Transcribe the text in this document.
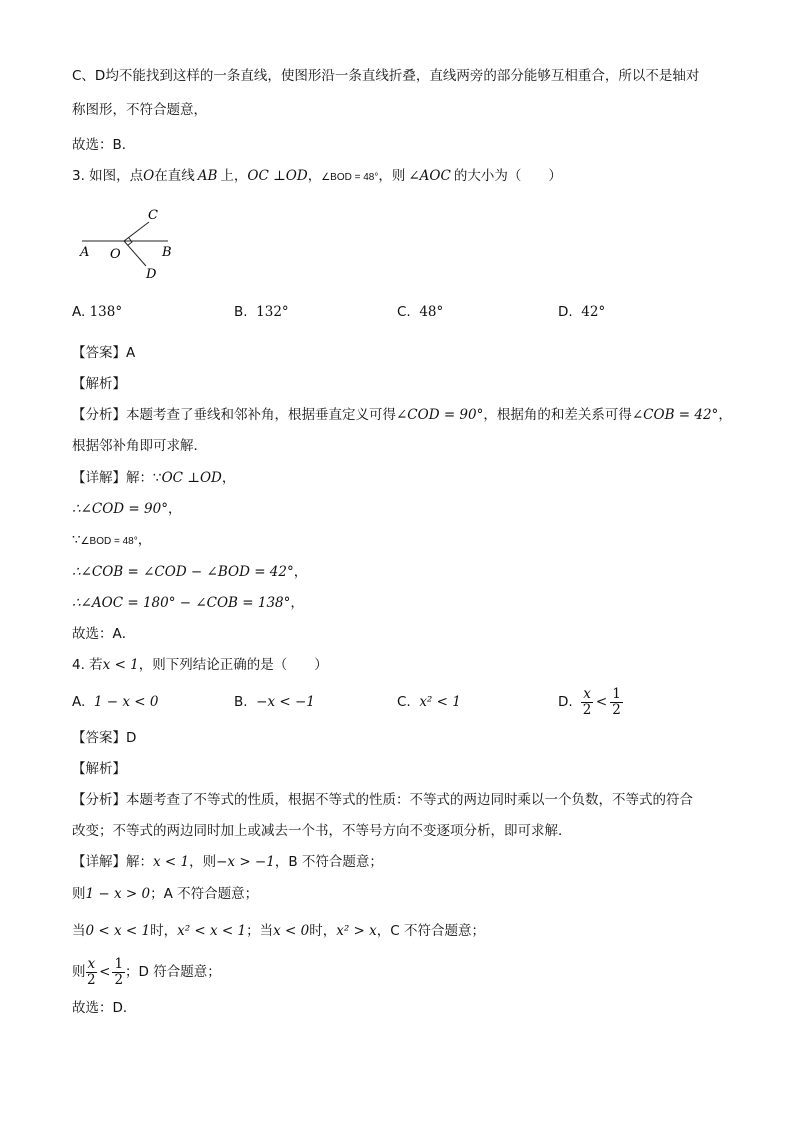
C、D均不能找到这样的一条直线，使图形沿一条直线折叠，直线两旁的部分能够互相重合，所以不是轴对
称图形，不符合题意，
故选：B．
3. 如图，点O在直线 AB 上，OC ⊥OD，∠BOD = 48°，则 ∠AOC 的大小为（　　）
A O	B
C
D
A. 138°	B. 132°	C. 48°	D. 42°
【答案】A
【解析】
【分析】本题考查了垂线和邻补角，根据垂直定义可得∠COD = 90°，根据角的和差关系可得∠COB = 42°，
根据邻补角即可求解．
【详解】解：∵OC ⊥OD，
∴∠COD = 90°，
∵∠BOD = 48°，
∴∠COB = ∠COD − ∠BOD = 42°，
∴∠AOC = 180° − ∠COB = 138°，
故选：A．
4. 若x < 1，则下列结论正确的是（　　）
A. 1 − x < 0	B. −x < −1	C. x² < 1	D. $\frac{x}{2} < \frac{1}{2}$
【答案】D
【解析】
【分析】本题考查了不等式的性质，根据不等式的性质：不等式的两边同时乘以一个负数，不等式的符合
改变；不等式的两边同时加上或减去一个书，不等号方向不变逐项分析，即可求解．
【详解】解：x < 1，则−x > −1，B 不符合题意；
则1 − x > 0；A 不符合题意；
当0 < x < 1时，x² < x < 1；当x < 0时，x² > x，C 不符合题意；
则 $\frac{x}{2} < \frac{1}{2}$ ；D 符合题意；
故选：D．
